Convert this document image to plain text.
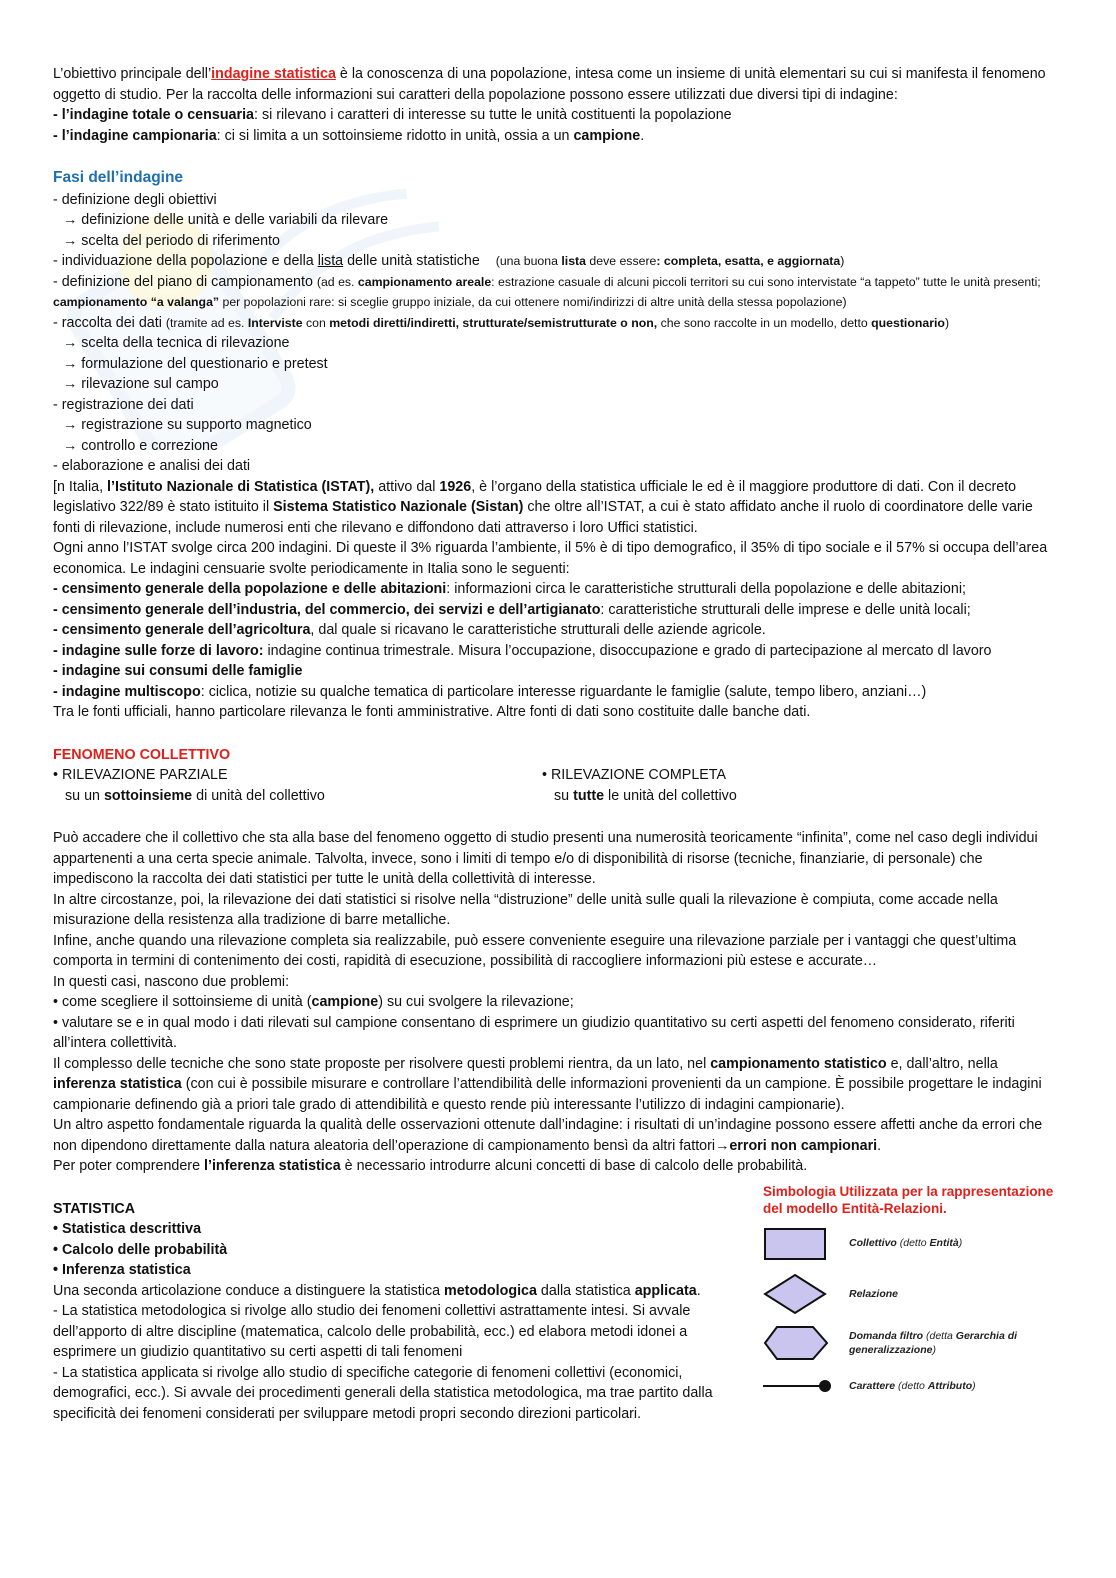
L’obiettivo principale dell’indagine statistica è la conoscenza di una popolazione, intesa come un insieme di unità elementari su cui si manifesta il fenomeno oggetto di studio. Per la raccolta delle informazioni sui caratteri della popolazione possono essere utilizzati due diversi tipi di indagine:

- l’indagine totale o censuaria: si rilevano i caratteri di interesse su tutte le unità costituenti la popolazione

- l’indagine campionaria: ci si limita a un sottoinsieme ridotto in unità, ossia a un campione.

Fasi dell’indagine

- definizione degli obiettivi

→ definizione delle unità e delle variabili da rilevare

→ scelta del periodo di riferimento

- individuazione della popolazione e della lista delle unità statistiche (una buona lista deve essere: completa, esatta, e aggiornata)

- definizione del piano di campionamento (ad es. campionamento areale: estrazione casuale di alcuni piccoli territori su cui sono intervistate “a tappeto” tutte le unità presenti; campionamento “a valanga” per popolazioni rare: si sceglie gruppo iniziale, da cui ottenere nomi/indirizzi di altre unità della stessa popolazione)

- raccolta dei dati (tramite ad es. Interviste con metodi diretti/indiretti, strutturate/semistrutturate o non, che sono raccolte in un modello, detto questionario)

→ scelta della tecnica di rilevazione

→ formulazione del questionario e pretest

→ rilevazione sul campo

- registrazione dei dati

→ registrazione su supporto magnetico

→ controllo e correzione

- elaborazione e analisi dei dati

[n Italia, l’Istituto Nazionale di Statistica (ISTAT), attivo dal 1926, è l’organo della statistica ufficiale le ed è il maggiore produttore di dati. Con il decreto legislativo 322/89 è stato istituito il Sistema Statistico Nazionale (Sistan) che oltre all’ISTAT, a cui è stato affidato anche il ruolo di coordinatore delle varie fonti di rilevazione, include numerosi enti che rilevano e diffondono dati attraverso i loro Uffici statistici.

Ogni anno l’ISTAT svolge circa 200 indagini. Di queste il 3% riguarda l’ambiente, il 5% è di tipo demografico, il 35% di tipo sociale e il 57% si occupa dell’area economica. Le indagini censuarie svolte periodicamente in Italia sono le seguenti:

- censimento generale della popolazione e delle abitazioni: informazioni circa le caratteristiche strutturali della popolazione e delle abitazioni;

- censimento generale dell’industria, del commercio, dei servizi e dell’artigianato: caratteristiche strutturali delle imprese e delle unità locali;

- censimento generale dell’agricoltura, dal quale si ricavano le caratteristiche strutturali delle aziende agricole.

- indagine sulle forze di lavoro: indagine continua trimestrale. Misura l’occupazione, disoccupazione e grado di partecipazione al mercato dl lavoro

- indagine sui consumi delle famiglie

- indagine multiscopo: ciclica, notizie su qualche tematica di particolare interesse riguardante le famiglie (salute, tempo libero, anziani…)

Tra le fonti ufficiali, hanno particolare rilevanza le fonti amministrative. Altre fonti di dati sono costituite dalle banche dati.

FENOMENO COLLETTIVO

• RILEVAZIONE PARZIALE

su un sottoinsieme di unità del collettivo

• RILEVAZIONE COMPLETA

su tutte le unità del collettivo

Può accadere che il collettivo che sta alla base del fenomeno oggetto di studio presenti una numerosità teoricamente “infinita”, come nel caso degli individui appartenenti a una certa specie animale. Talvolta, invece, sono i limiti di tempo e/o di disponibilità di risorse (tecniche, finanziarie, di personale) che impediscono la raccolta dei dati statistici per tutte le unità della collettività di interesse.

In altre circostanze, poi, la rilevazione dei dati statistici si risolve nella “distruzione” delle unità sulle quali la rilevazione è compiuta, come accade nella misurazione della resistenza alla tradizione di barre metalliche.

Infine, anche quando una rilevazione completa sia realizzabile, può essere conveniente eseguire una rilevazione parziale per i vantaggi che quest’ultima comporta in termini di contenimento dei costi, rapidità di esecuzione, possibilità di raccogliere informazioni più estese e accurate…

In questi casi, nascono due problemi:

• come scegliere il sottoinsieme di unità (campione) su cui svolgere la rilevazione;

• valutare se e in qual modo i dati rilevati sul campione consentano di esprimere un giudizio quantitativo su certi aspetti del fenomeno considerato, riferiti all’intera collettività.

Il complesso delle tecniche che sono state proposte per risolvere questi problemi rientra, da un lato, nel campionamento statistico e, dall’altro, nella inferenza statistica (con cui è possibile misurare e controllare l’attendibilità delle informazioni provenienti da un campione. È possibile progettare le indagini campionarie definendo già a priori tale grado di attendibilità e questo rende più interessante l’utilizzo di indagini campionarie).

Un altro aspetto fondamentale riguarda la qualità delle osservazioni ottenute dall’indagine: i risultati di un’indagine possono essere affetti anche da errori che non dipendono direttamente dalla natura aleatoria dell’operazione di campionamento bensì da altri fattori→errori non campionari.

Per poter comprendere l’inferenza statistica è necessario introdurre alcuni concetti di base di calcolo delle probabilità.

STATISTICA

• Statistica descrittiva

• Calcolo delle probabilità

• Inferenza statistica

Una seconda articolazione conduce a distinguere la statistica metodologica dalla statistica applicata.

- La statistica metodologica si rivolge allo studio dei fenomeni collettivi astrattamente intesi. Si avvale dell’apporto di altre discipline (matematica, calcolo delle probabilità, ecc.) ed elabora metodi idonei a esprimere un giudizio quantitativo su certi aspetti di tali fenomeni

- La statistica applicata si rivolge allo studio di specifiche categorie di fenomeni collettivi (economici, demografici, ecc.). Si avvale dei procedimenti generali della statistica metodologica, ma trae partito dalla specificità dei fenomeni considerati per sviluppare metodi propri secondo direzioni particolari.

Simbologia Utilizzata per la rappresentazione del modello Entità-Relazioni.

Collettivo (detto Entità)

Relazione

Domanda filtro (detta Gerarchia di generalizzazione)

Carattere (detto Attributo)
